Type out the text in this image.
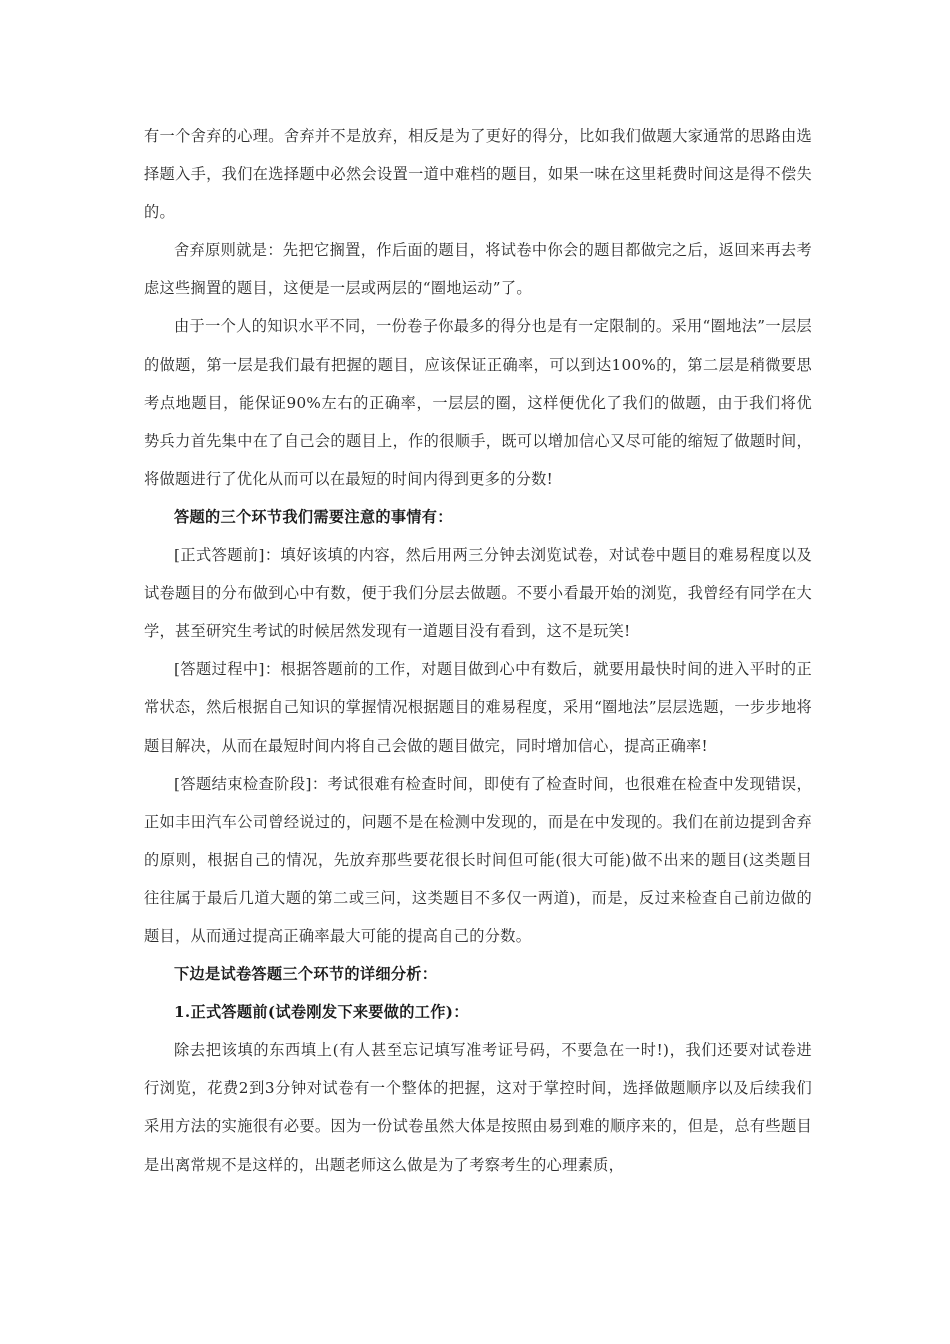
有一个舍弃的心理。舍弃并不是放弃，相反是为了更好的得分，比如我们做题大家通常的思路由选择题入手，我们在选择题中必然会设置一道中难档的题目，如果一味在这里耗费时间这是得不偿失的。

舍弃原则就是：先把它搁置，作后面的题目，将试卷中你会的题目都做完之后，返回来再去考虑这些搁置的题目，这便是一层或两层的“圈地运动”了。

由于一个人的知识水平不同，一份卷子你最多的得分也是有一定限制的。采用“圈地法”一层层的做题，第一层是我们最有把握的题目，应该保证正确率，可以到达100%的，第二层是稍微要思考点地题目，能保证90%左右的正确率，一层层的圈，这样便优化了我们的做题，由于我们将优势兵力首先集中在了自己会的题目上，作的很顺手，既可以增加信心又尽可能的缩短了做题时间，将做题进行了优化从而可以在最短的时间内得到更多的分数!

答题的三个环节我们需要注意的事情有：

[正式答题前]：填好该填的内容，然后用两三分钟去浏览试卷，对试卷中题目的难易程度以及试卷题目的分布做到心中有数，便于我们分层去做题。不要小看最开始的浏览，我曾经有同学在大学，甚至研究生考试的时候居然发现有一道题目没有看到，这不是玩笑!

[答题过程中]：根据答题前的工作，对题目做到心中有数后，就要用最快时间的进入平时的正常状态，然后根据自己知识的掌握情况根据题目的难易程度，采用“圈地法”层层选题，一步步地将题目解决，从而在最短时间内将自己会做的题目做完，同时增加信心，提高正确率!

[答题结束检查阶段]：考试很难有检查时间，即使有了检查时间，也很难在检查中发现错误，正如丰田汽车公司曾经说过的，问题不是在检测中发现的，而是在中发现的。我们在前边提到舍弃的原则，根据自己的情况，先放弃那些要花很长时间但可能(很大可能)做不出来的题目(这类题目往往属于最后几道大题的第二或三问，这类题目不多仅一两道)，而是，反过来检查自己前边做的题目，从而通过提高正确率最大可能的提高自己的分数。

下边是试卷答题三个环节的详细分析：

1.正式答题前(试卷刚发下来要做的工作)：

除去把该填的东西填上(有人甚至忘记填写准考证号码，不要急在一时!)，我们还要对试卷进行浏览，花费2到3分钟对试卷有一个整体的把握，这对于掌控时间，选择做题顺序以及后续我们采用方法的实施很有必要。因为一份试卷虽然大体是按照由易到难的顺序来的，但是，总有些题目是出离常规不是这样的，出题老师这么做是为了考察考生的心理素质，
